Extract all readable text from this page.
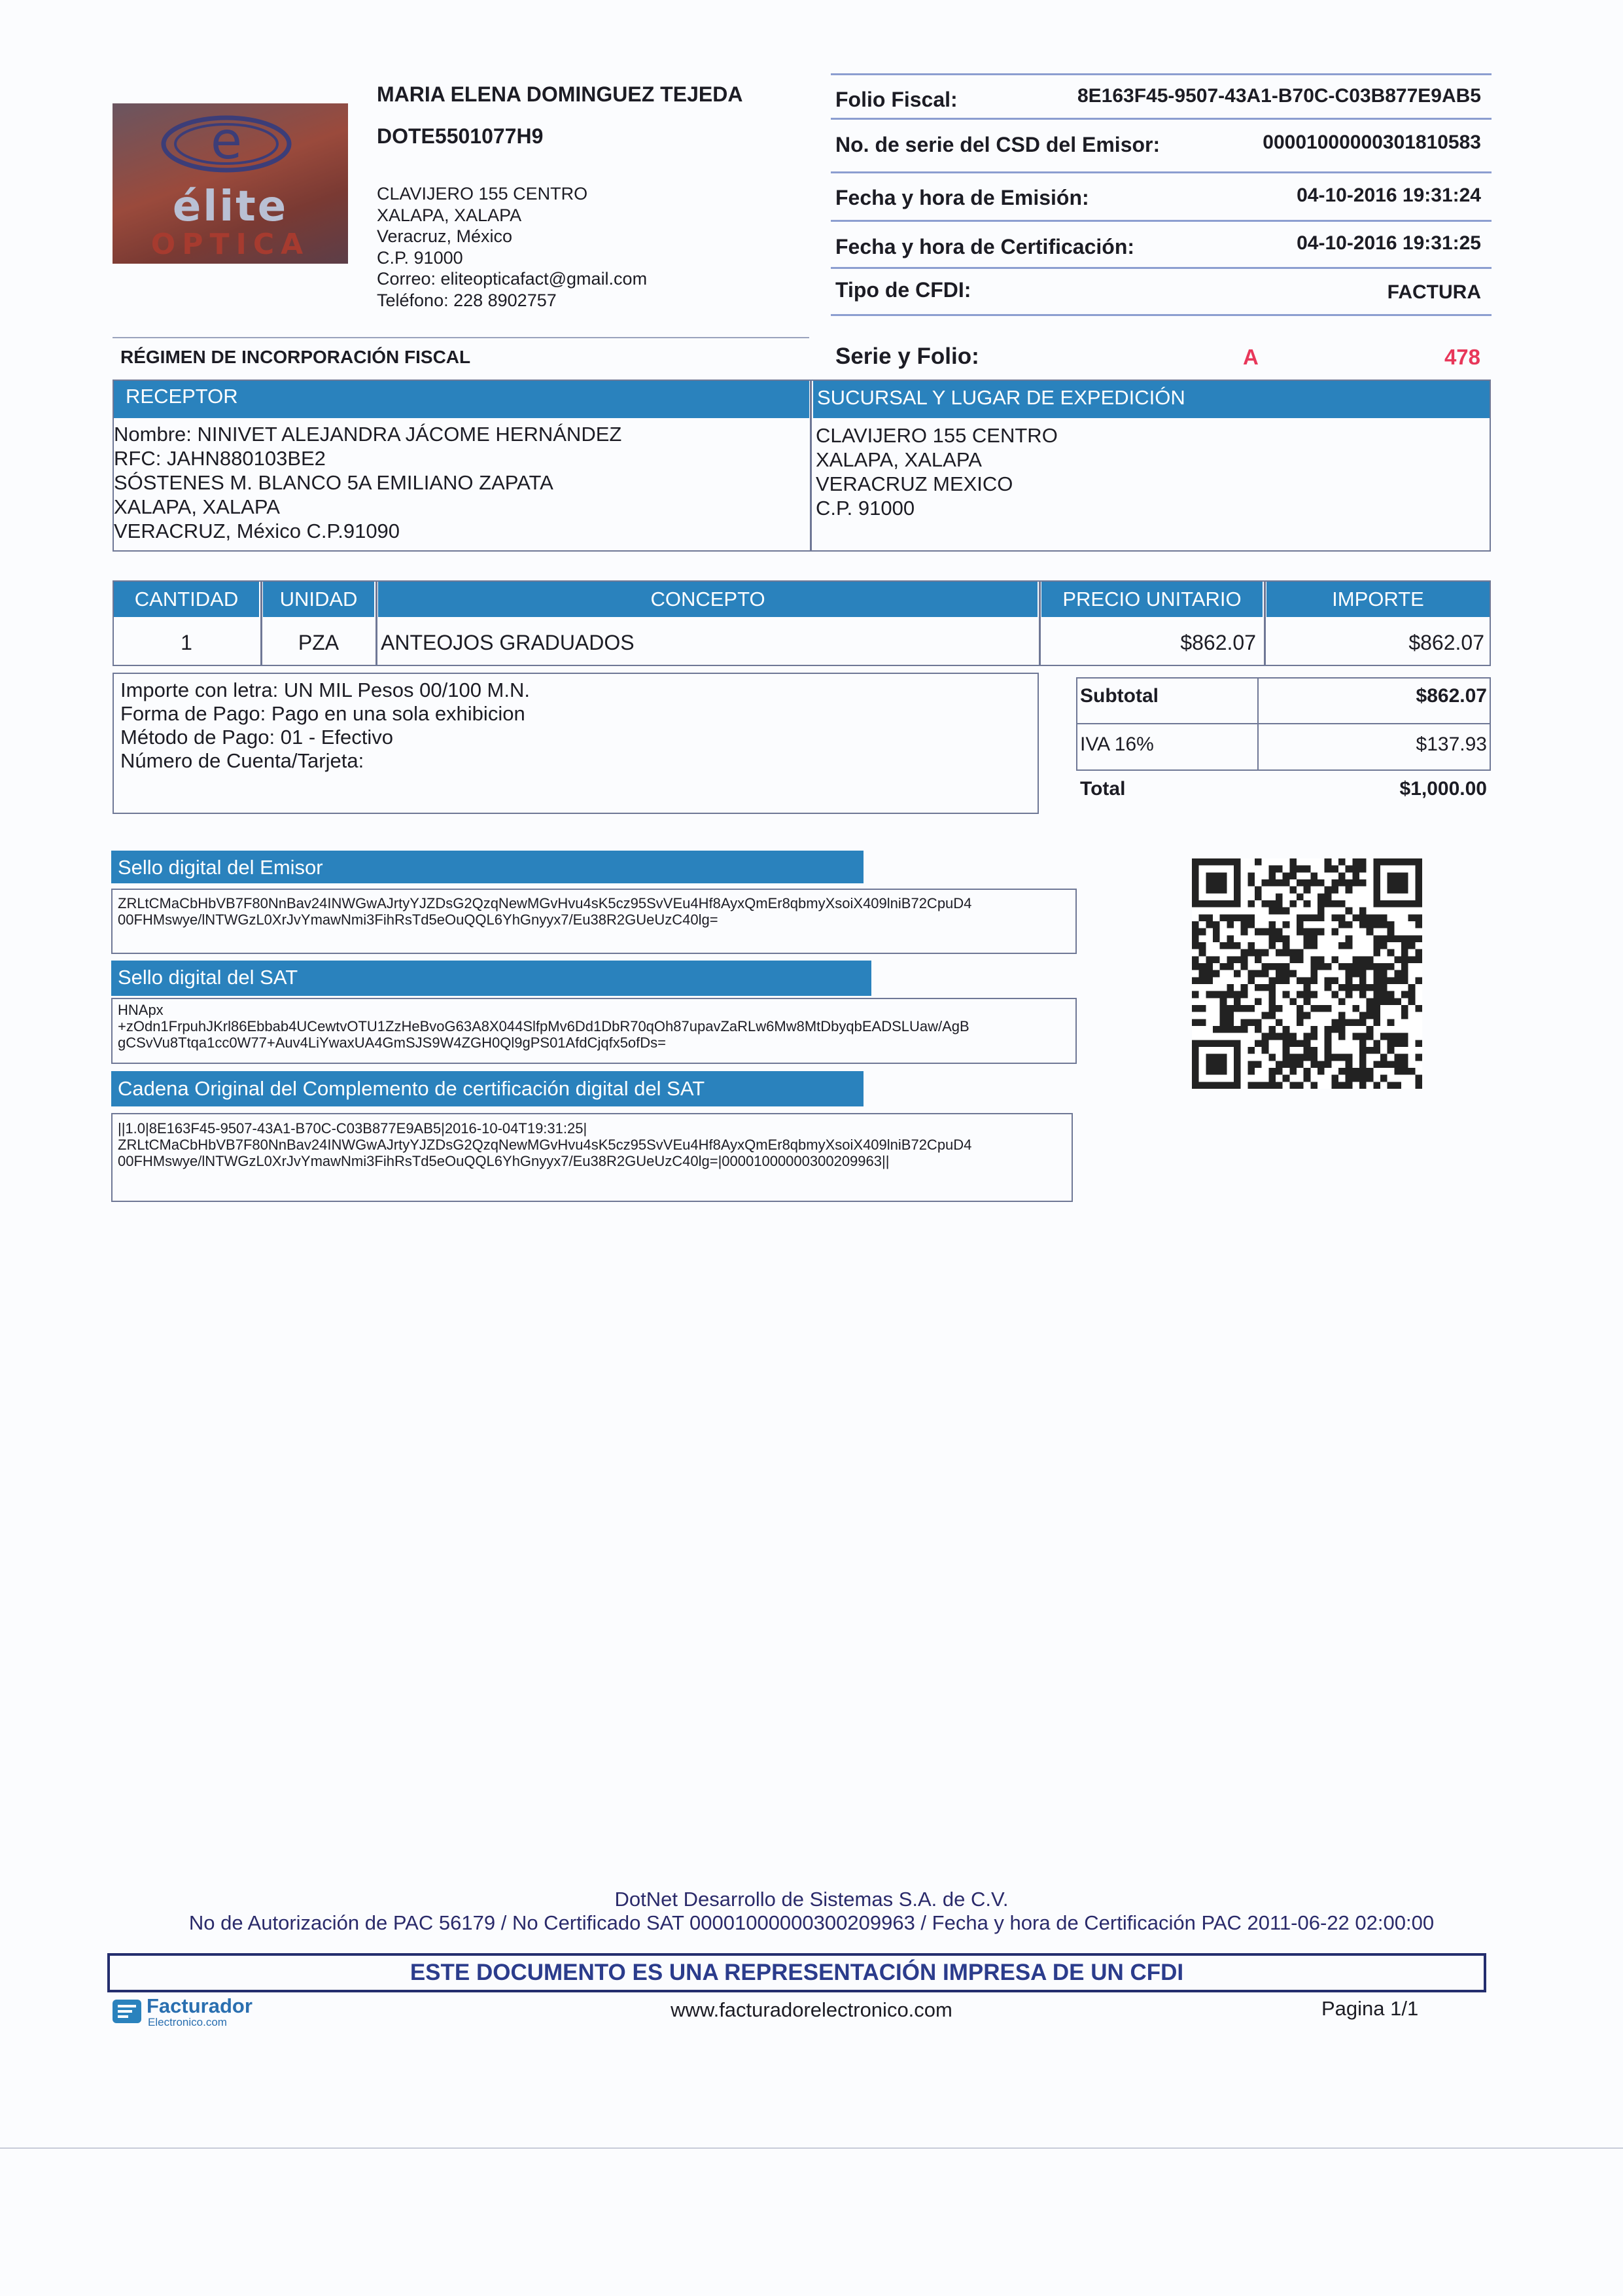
e
élite
OPTICA
MARIA ELENA DOMINGUEZ TEJEDA
DOTE5501077H9
CLAVIJERO 155 CENTRO
XALAPA, XALAPA
Veracruz, México
C.P. 91000
Correo: eliteopticafact@gmail.com
Teléfono: 228 8902757
Folio Fiscal:	8E163F45-9507-43A1-B70C-C03B877E9AB5
No. de serie del CSD del Emisor:	00001000000301810583
Fecha y hora de Emisión:	04-10-2016 19:31:24
Fecha y hora de Certificación:	04-10-2016 19:31:25
Tipo de CFDI:	FACTURA
Serie y Folio:	A	478
RÉGIMEN DE INCORPORACIÓN FISCAL
RECEPTOR	SUCURSAL Y LUGAR DE EXPEDICIÓN
Nombre: NINIVET ALEJANDRA JÁCOME HERNÁNDEZ
RFC: JAHN880103BE2
SÓSTENES M. BLANCO 5A EMILIANO ZAPATA
XALAPA, XALAPA
VERACRUZ, México C.P.91090
CLAVIJERO 155 CENTRO
XALAPA, XALAPA
VERACRUZ MEXICO
C.P. 91000
CANTIDAD	UNIDAD	CONCEPTO	PRECIO UNITARIO	IMPORTE
1	PZA	ANTEOJOS GRADUADOS	$862.07	$862.07
Importe con letra: UN MIL Pesos 00/100 M.N.
Forma de Pago: Pago en una sola exhibicion
Método de Pago: 01 - Efectivo
Número de Cuenta/Tarjeta:
Subtotal	$862.07
IVA 16%	$137.93
Total	$1,000.00
Sello digital del Emisor
ZRLtCMaCbHbVB7F80NnBav24INWGwAJrtyYJZDsG2QzqNewMGvHvu4sK5cz95SvVEu4Hf8AyxQmEr8qbmyXsoiX409lniB72CpuD4
00FHMswye/lNTWGzL0XrJvYmawNmi3FihRsTd5eOuQQL6YhGnyyx7/Eu38R2GUeUzC40lg=
Sello digital del SAT
HNApx
+zOdn1FrpuhJKrl86Ebbab4UCewtvOTU1ZzHeBvoG63A8X044SlfpMv6Dd1DbR70qOh87upavZaRLw6Mw8MtDbyqbEADSLUaw/AgB
gCSvVu8Ttqa1cc0W77+Auv4LiYwaxUA4GmSJS9W4ZGH0Ql9gPS01AfdCjqfx5ofDs=
Cadena Original del Complemento de certificación digital del SAT
||1.0|8E163F45-9507-43A1-B70C-C03B877E9AB5|2016-10-04T19:31:25|
ZRLtCMaCbHbVB7F80NnBav24INWGwAJrtyYJZDsG2QzqNewMGvHvu4sK5cz95SvVEu4Hf8AyxQmEr8qbmyXsoiX409lniB72CpuD4
00FHMswye/lNTWGzL0XrJvYmawNmi3FihRsTd5eOuQQL6YhGnyyx7/Eu38R2GUeUzC40lg=|00001000000300209963||
DotNet Desarrollo de Sistemas S.A. de C.V.
No de Autorización de PAC 56179 / No Certificado SAT 00001000000300209963 / Fecha y hora de Certificación PAC 2011-06-22 02:00:00
ESTE DOCUMENTO ES UNA REPRESENTACIÓN IMPRESA DE UN CFDI
Facturador
Electronico.com
www.facturadorelectronico.com	Pagina 1/1
